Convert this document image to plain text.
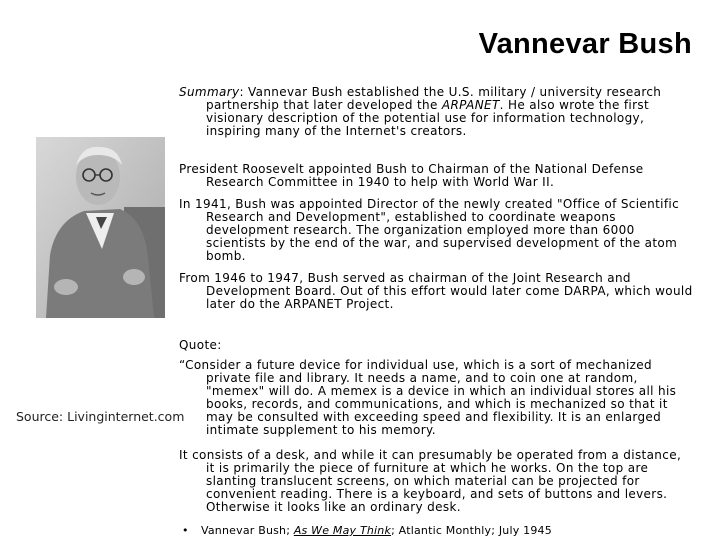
Vannevar Bush
Source: Livinginternet.com

Summary: Vannevar Bush established the U.S. military / university research partnership that later developed the ARPANET. He also wrote the first visionary description of the potential use for information technology, inspiring many of the Internet's creators.

President Roosevelt appointed Bush to Chairman of the National Defense Research Committee in 1940 to help with World War II.

In 1941, Bush was appointed Director of the newly created "Office of Scientific Research and Development", established to coordinate weapons development research. The organization employed more than 6000 scientists by the end of the war, and supervised development of the atom bomb.

From 1946 to 1947, Bush served as chairman of the Joint Research and Development Board. Out of this effort would later come DARPA, which would later do the ARPANET Project.

Quote:

“Consider a future device for individual use, which is a sort of mechanized private file and library. It needs a name, and to coin one at random, "memex" will do. A memex is a device in which an individual stores all his books, records, and communications, and which is mechanized so that it may be consulted with exceeding speed and flexibility. It is an enlarged intimate supplement to his memory.

It consists of a desk, and while it can presumably be operated from a distance, it is primarily the piece of furniture at which he works. On the top are slanting translucent screens, on which material can be projected for convenient reading. There is a keyboard, and sets of buttons and levers. Otherwise it looks like an ordinary desk.

• Vannevar Bush; As We May Think; Atlantic Monthly; July 1945
